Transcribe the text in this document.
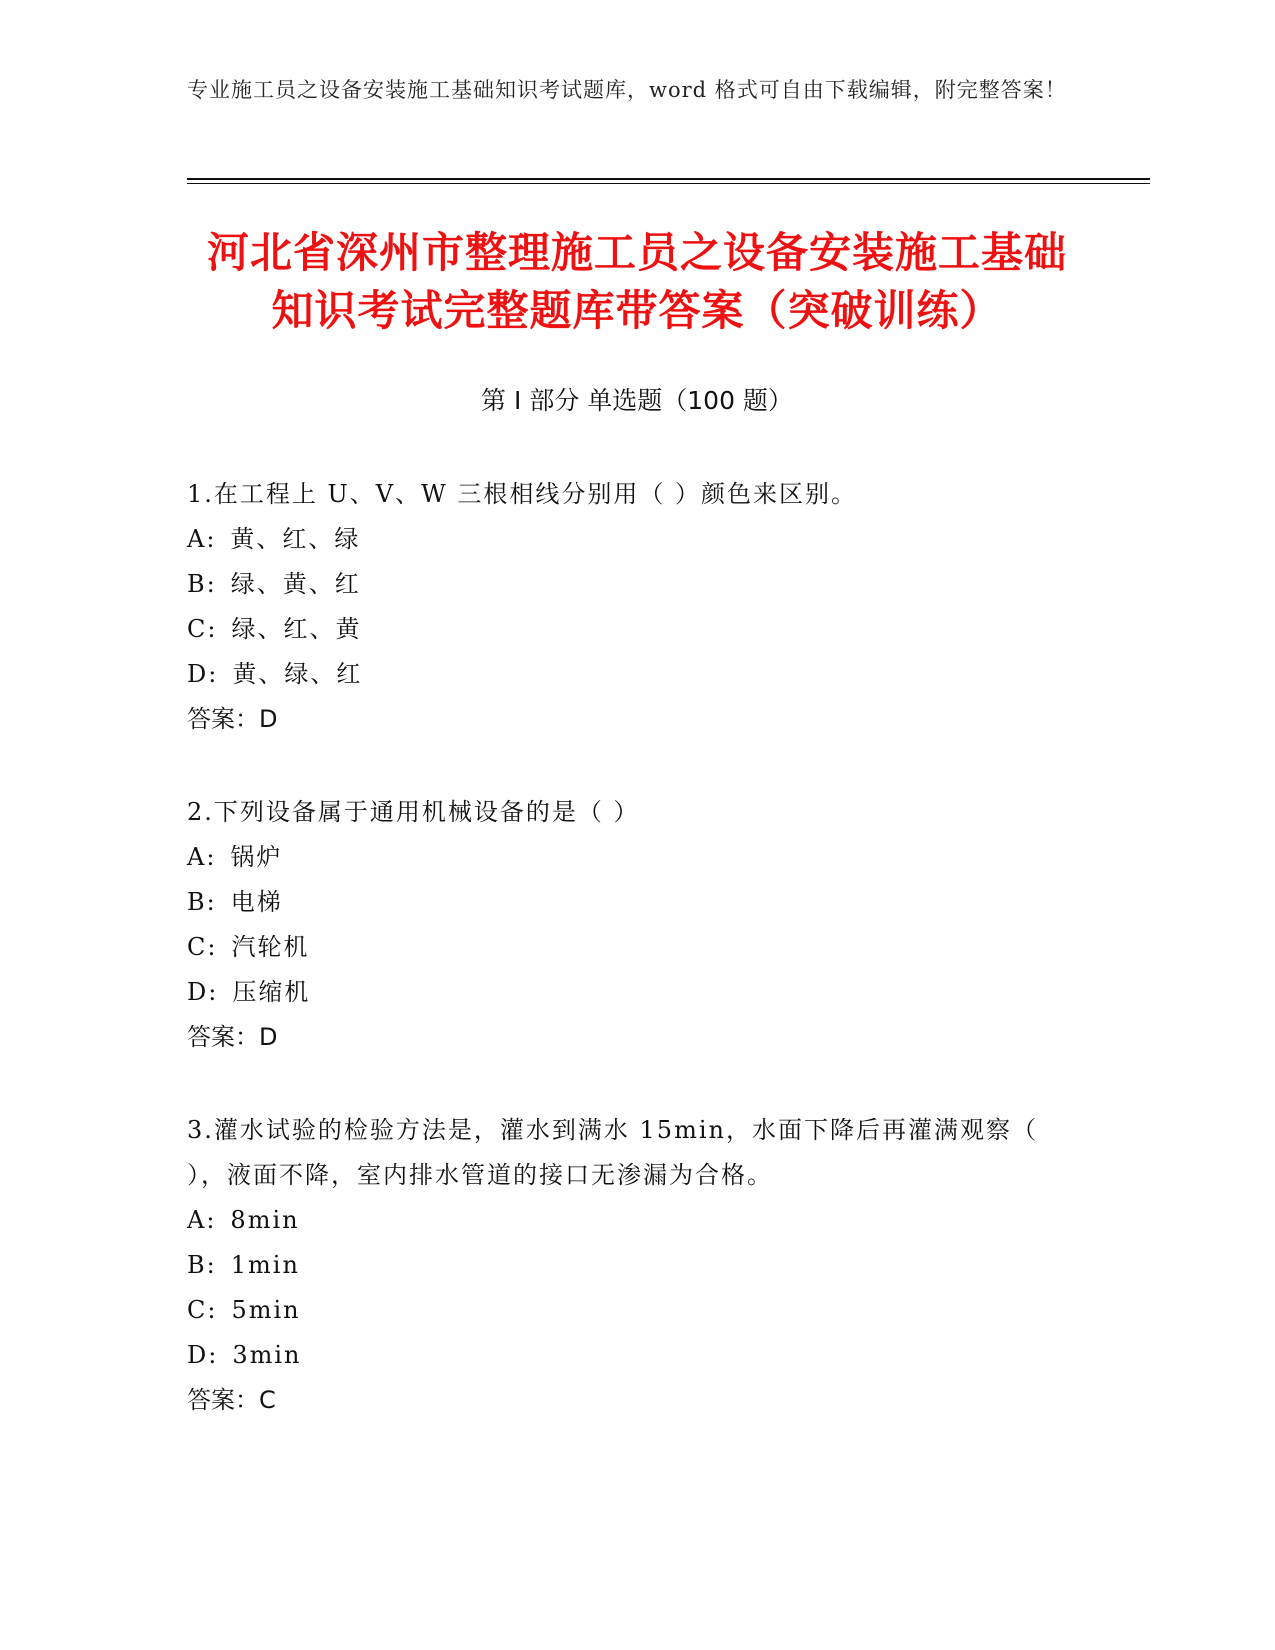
专业施工员之设备安装施工基础知识考试题库，word 格式可自由下载编辑，附完整答案！
河北省深州市整理施工员之设备安装施工基础知识考试完整题库带答案（突破训练）
第 I 部分 单选题（100 题）
1.在工程上 U、V、W 三根相线分别用（ ）颜色来区别。
A: 黄、红、绿
B: 绿、黄、红
C: 绿、红、黄
D: 黄、绿、红
答案：D
2.下列设备属于通用机械设备的是（ ）
A: 锅炉
B: 电梯
C: 汽轮机
D: 压缩机
答案：D
3.灌水试验的检验方法是，灌水到满水 15min，水面下降后再灌满观察（ ），液面不降，室内排水管道的接口无渗漏为合格。
A: 8min
B: 1min
C: 5min
D: 3min
答案：C
